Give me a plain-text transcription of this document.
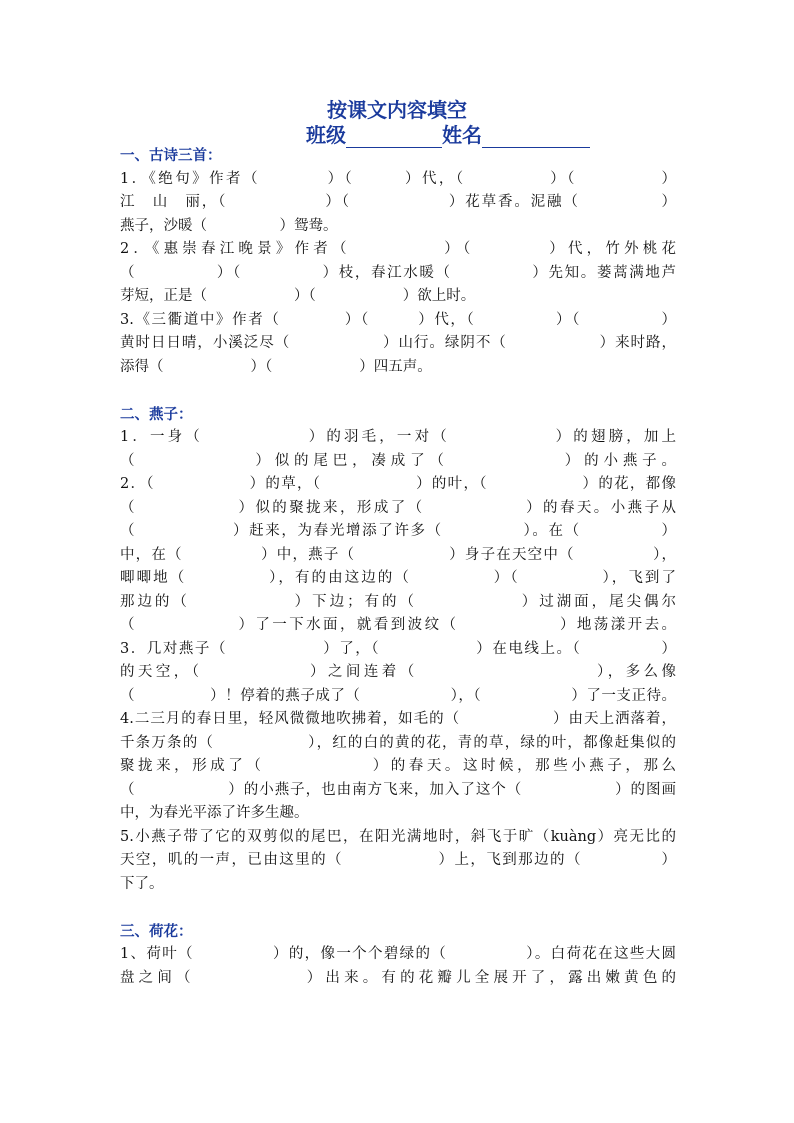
按课文内容填空
班级	姓名

一、古诗三首：

1．《绝句》作者（　　　　）（　　　）代，（　　　　　）（　　　　　）

江　山　丽，（　　　　　　）（　　　　　　）花草香。泥融（　　　　　）

燕子，沙暖（　　　　　）鸳鸯。

2．《惠崇春江晚景》作者（　　　　　）（　　　　）代，竹外桃花

（　　　　　）（　　　　　）枝，春江水暖（　　　　　）先知。蒌蒿满地芦

芽短，正是（　　　　　　）（　　　　　　）欲上时。

3.《三衢道中》作者（　　　　）（　　　）代，（　　　　　）（　　　　　）

黄时日日晴，小溪泛尽（　　　　　　）山行。绿阴不（　　　　　　）来时路，

添得（　　　　　　）（　　　　　　）四五声。

二、燕子：

1．一身（　　　　　　）的羽毛，一对（　　　　　　）的翅膀，加上

（　　　　　　）似的尾巴，凑成了（　　　　　　）的小燕子。

2．（　　　　　　）的草，（　　　　　　）的叶，（　　　　　　）的花，都像

（　　　　　　）似的聚拢来，形成了（　　　　　　）的春天。小燕子从

（　　　　　　）赶来，为春光增添了许多（　　　　　）。在（　　　　　）

中，在（　　　　　）中，燕子（　　　　　　）身子在天空中（　　　　　），

唧唧地（　　　　　），有的由这边的（　　　　　）（　　　　　），飞到了

那边的（　　　　　　）下边；有的（　　　　　　）过湖面，尾尖偶尔

（　　　　　　）了一下水面，就看到波纹（　　　　　　）地荡漾开去。

3．几对燕子（　　　　　　）了，（　　　　　　）在电线上。（　　　　　）

的天空，（　　　　　　）之间连着（　　　　　　　　　　），多么像

（　　　　　）！停着的燕子成了（　　　　　　），（　　　　　　）了一支正待。

4.二三月的春日里，轻风微微地吹拂着，如毛的（　　　　　　）由天上洒落着，

千条万条的（　　　　　　），红的白的黄的花，青的草，绿的叶，都像赶集似的

聚拢来，形成了（　　　　　　）的春天。这时候，那些小燕子，那么

（　　　　　　）的小燕子，也由南方飞来，加入了这个（　　　　　　）的图画

中，为春光平添了许多生趣。

5.小燕子带了它的双剪似的尾巴，在阳光满地时，斜飞于旷（kuàng）亮无比的

天空，叽的一声，已由这里的（　　　　　　）上，飞到那边的（　　　　　）

下了。

三、荷花：

1、荷叶（　　　　　）的，像一个个碧绿的（　　　　　）。白荷花在这些大圆

盘之间（　　　　　　）出来。有的花瓣儿全展开了，露出嫩黄色的
